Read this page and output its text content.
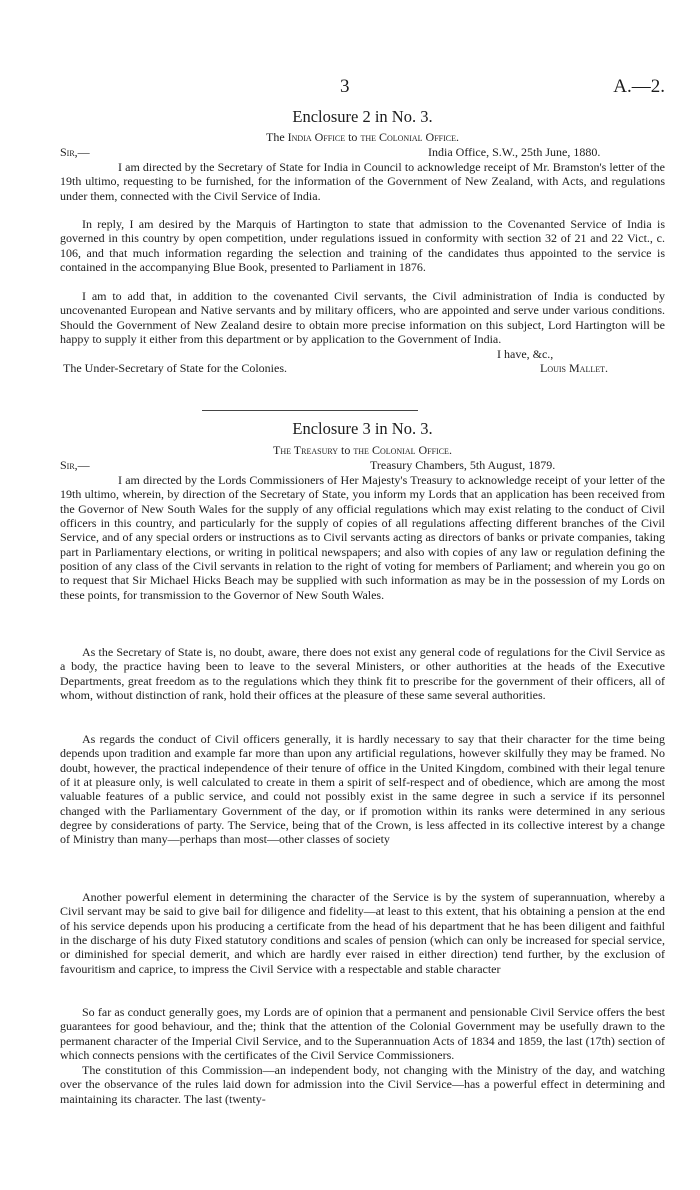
3	A.—2.
Enclosure 2 in No. 3.
The India Office to the Colonial Office.
Sir,—	India Office, S.W., 25th June, 1880.

I am directed by the Secretary of State for India in Council to acknowledge receipt of Mr. Bramston's letter of the 19th ultimo, requesting to be furnished, for the information of the Government of New Zealand, with Acts, and regulations under them, connected with the Civil Service of India.

In reply, I am desired by the Marquis of Hartington to state that admission to the Covenanted Service of India is governed in this country by open competition, under regulations issued in conformity with section 32 of 21 and 22 Vict., c. 106, and that much information regarding the selection and training of the candidates thus appointed to the service is contained in the accompanying Blue Book, presented to Parliament in 1876.

I am to add that, in addition to the covenanted Civil servants, the Civil administration of India is conducted by uncovenanted European and Native servants and by military officers, who are appointed and serve under various conditions. Should the Government of New Zealand desire to obtain more precise information on this subject, Lord Hartington will be happy to supply it either from this department or by application to the Government of India.

I have, &c.,
The Under-Secretary of State for the Colonies.	Louis Mallet.
Enclosure 3 in No. 3.
The Treasury to the Colonial Office.
Sir,—	Treasury Chambers, 5th August, 1879.

I am directed by the Lords Commissioners of Her Majesty's Treasury to acknowledge receipt of your letter of the 19th ultimo, wherein, by direction of the Secretary of State, you inform my Lords that an application has been received from the Governor of New South Wales for the supply of any official regulations which may exist relating to the conduct of Civil officers in this country, and particularly for the supply of copies of all regulations affecting different branches of the Civil Service, and of any special orders or instructions as to Civil servants acting as directors of banks or private companies, taking part in Parliamentary elections, or writing in political newspapers; and also with copies of any law or regulation defining the position of any class of the Civil servants in relation to the right of voting for members of Parliament; and wherein you go on to request that Sir Michael Hicks Beach may be supplied with such information as may be in the possession of my Lords on these points, for transmission to the Governor of New South Wales.

As the Secretary of State is, no doubt, aware, there does not exist any general code of regulations for the Civil Service as a body, the practice having been to leave to the several Ministers, or other authorities at the heads of the Executive Departments, great freedom as to the regulations which they think fit to prescribe for the government of their officers, all of whom, without distinction of rank, hold their offices at the pleasure of these same several authorities.

As regards the conduct of Civil officers generally, it is hardly necessary to say that their character for the time being depends upon tradition and example far more than upon any artificial regulations, however skilfully they may be framed. No doubt, however, the practical independence of their tenure of office in the United Kingdom, combined with their legal tenure of it at pleasure only, is well calculated to create in them a spirit of self-respect and of obedience, which are among the most valuable features of a public service, and could not possibly exist in the same degree in such a service if its personnel changed with the Parliamentary Government of the day, or if promotion within its ranks were determined in any serious degree by considerations of party. The Service, being that of the Crown, is less affected in its collective interest by a change of Ministry than many—perhaps than most—other classes of society

Another powerful element in determining the character of the Service is by the system of superannuation, whereby a Civil servant may be said to give bail for diligence and fidelity—at least to this extent, that his obtaining a pension at the end of his service depends upon his producing a certificate from the head of his department that he has been diligent and faithful in the discharge of his duty Fixed statutory conditions and scales of pension (which can only be increased for special service, or diminished for special demerit, and which are hardly ever raised in either direction) tend further, by the exclusion of favouritism and caprice, to impress the Civil Service with a respectable and stable character

So far as conduct generally goes, my Lords are of opinion that a permanent and pensionable Civil Service offers the best guarantees for good behaviour, and the; think that the attention of the Colonial Government may be usefully drawn to the permanent character of the Imperial Civil Service, and to the Superannuation Acts of 1834 and 1859, the last (17th) section of which connects pensions with the certificates of the Civil Service Commissioners.

The constitution of this Commission—an independent body, not changing with the Ministry of the day, and watching over the observance of the rules laid down for admission into the Civil Service—has a powerful effect in determining and maintaining its character. The last (twenty-
